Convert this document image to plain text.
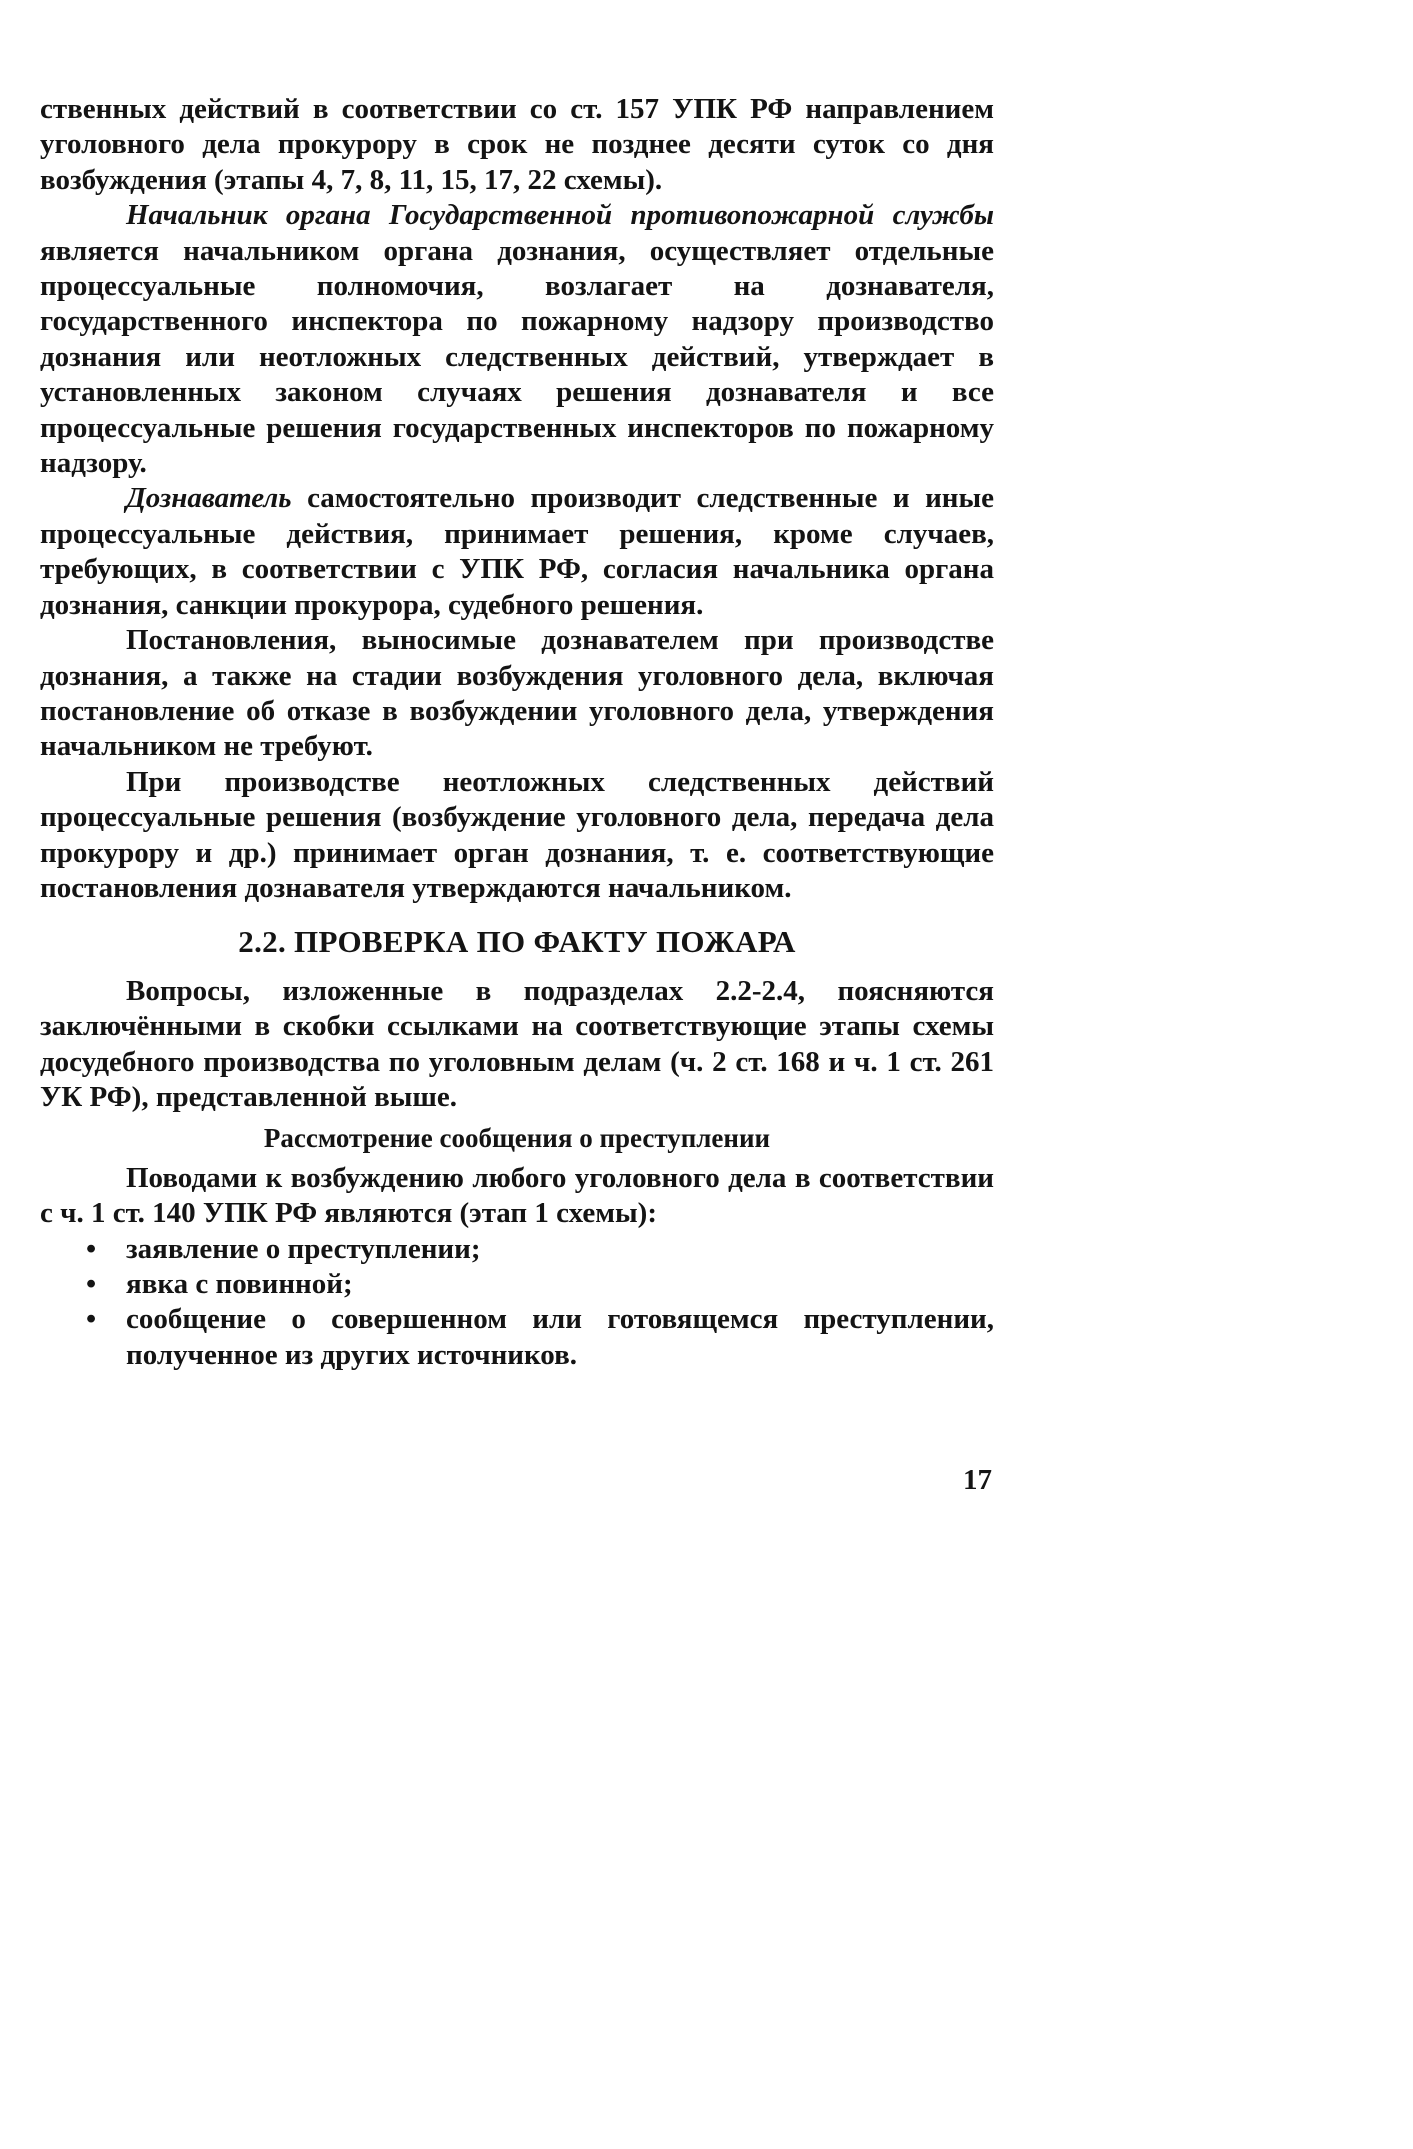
ственных действий в соответствии со ст. 157 УПК РФ направлением уголовного дела прокурору в срок не позднее десяти суток со дня возбуждения (этапы 4, 7, 8, 11, 15, 17, 22 схемы).

Начальник органа Государственной противопожарной службы является начальником органа дознания, осуществляет отдельные процессуальные полномочия, возлагает на дознавателя, государственного инспектора по пожарному надзору производство дознания или неотложных следственных действий, утверждает в установленных законом случаях решения дознавателя и все процессуальные решения государственных инспекторов по пожарному надзору.

Дознаватель самостоятельно производит следственные и иные процессуальные действия, принимает решения, кроме случаев, требующих, в соответствии с УПК РФ, согласия начальника органа дознания, санкции прокурора, судебного решения.

Постановления, выносимые дознавателем при производстве дознания, а также на стадии возбуждения уголовного дела, включая постановление об отказе в возбуждении уголовного дела, утверждения начальником не требуют.

При производстве неотложных следственных действий процессуальные решения (возбуждение уголовного дела, передача дела прокурору и др.) принимает орган дознания, т. е. соответствующие постановления дознавателя утверждаются начальником.

2.2. ПРОВЕРКА ПО ФАКТУ ПОЖАРА

Вопросы, изложенные в подразделах 2.2-2.4, поясняются заключёнными в скобки ссылками на соответствующие этапы схемы досудебного производства по уголовным делам (ч. 2 ст. 168 и ч. 1 ст. 261 УК РФ), представленной выше.

Рассмотрение сообщения о преступлении

Поводами к возбуждению любого уголовного дела в соответствии с ч. 1 ст. 140 УПК РФ являются (этап 1 схемы):

• заявление о преступлении;
• явка с повинной;
• сообщение о совершенном или готовящемся преступлении, полученное из других источников.
17
